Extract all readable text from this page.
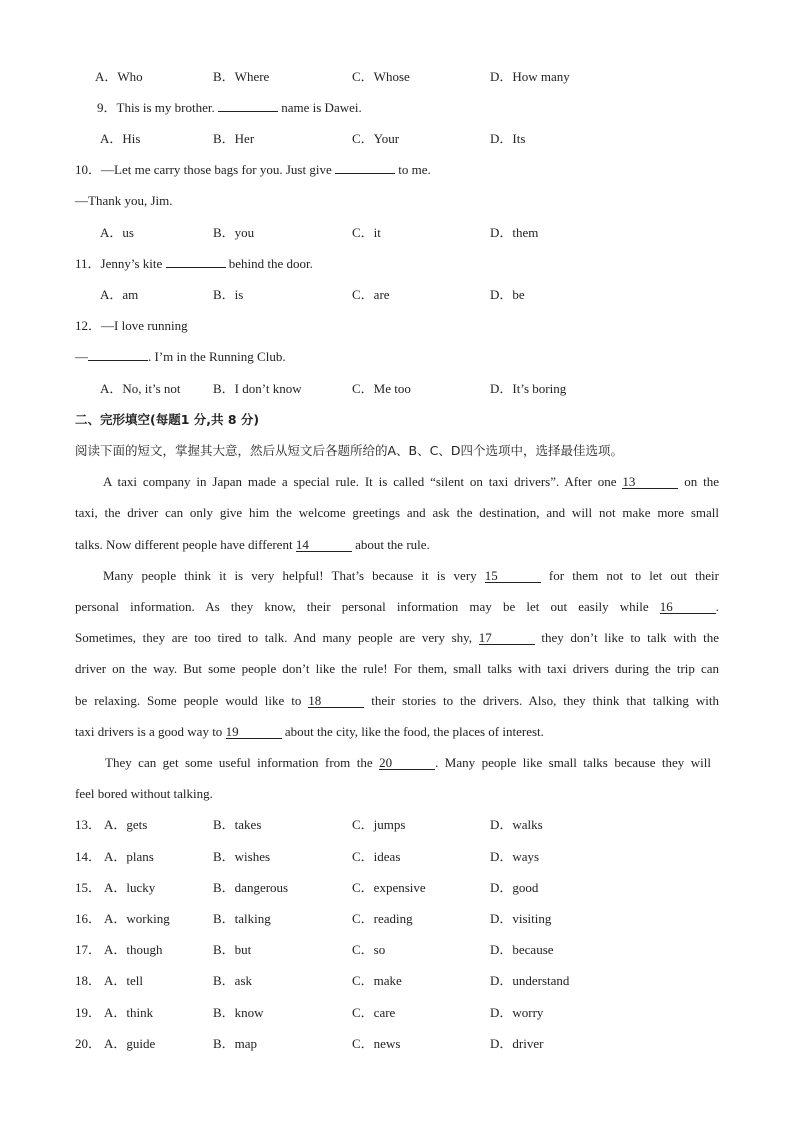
A．Who	B．Where	C．Whose	D．How many
9．This is my brother.	name is Dawei.
A．His	B．Her	C．Your	D．Its
10．—Let me carry those bags for you. Just give	to me.
—Thank you, Jim.
A．us	B．you	C．it	D．them
11．Jenny’s kite	behind the door.
A．am	B．is	C．are	D．be
12．—I love running
—	. I’m in the Running Club.
A．No, it’s not B．I don’t know	C．Me too	D．It’s boring
二、完形填空(每题1 分,共 8 分)
阅读下面的短文，掌握其大意，然后从短文后各题所给的A、B、C、D四个选项中，选择最佳选项。
A taxi company in Japan made a special rule. It is called “silent on taxi drivers”. After one 13	on the
taxi, the driver can only give him the welcome greetings and ask the destination, and will not make more small
talks. Now different people have different 14	about the rule.
Many people think it is very helpful! That’s because it is very 15	for them not to let out their
personal information. As they know, their personal information may be let out easily while 16	.
Sometimes, they are too tired to talk. And many people are very shy, 17	they don’t like to talk with the
driver on the way. But some people don’t like the rule! For them, small talks with taxi drivers during the trip can
be relaxing. Some people would like to 18	their stories to the drivers. Also, they think that talking with
taxi drivers is a good way to 19	about the city, like the food, the places of interest.
They can get some useful information from the 20	. Many people like small talks because they will
feel bored without talking.
13． A．gets	B．takes	C．jumps	D．walks
14． A．plans	B．wishes	C．ideas	D．ways
15． A．lucky	B．dangerous	C．expensive	D．good
16． A．working	B．talking	C．reading	D．visiting
17． A．though	B．but	C．so	D．because
18． A．tell	B．ask	C．make	D．understand
19． A．think	B．know	C．care	D．worry
20． A．guide	B．map	C．news	D．driver
